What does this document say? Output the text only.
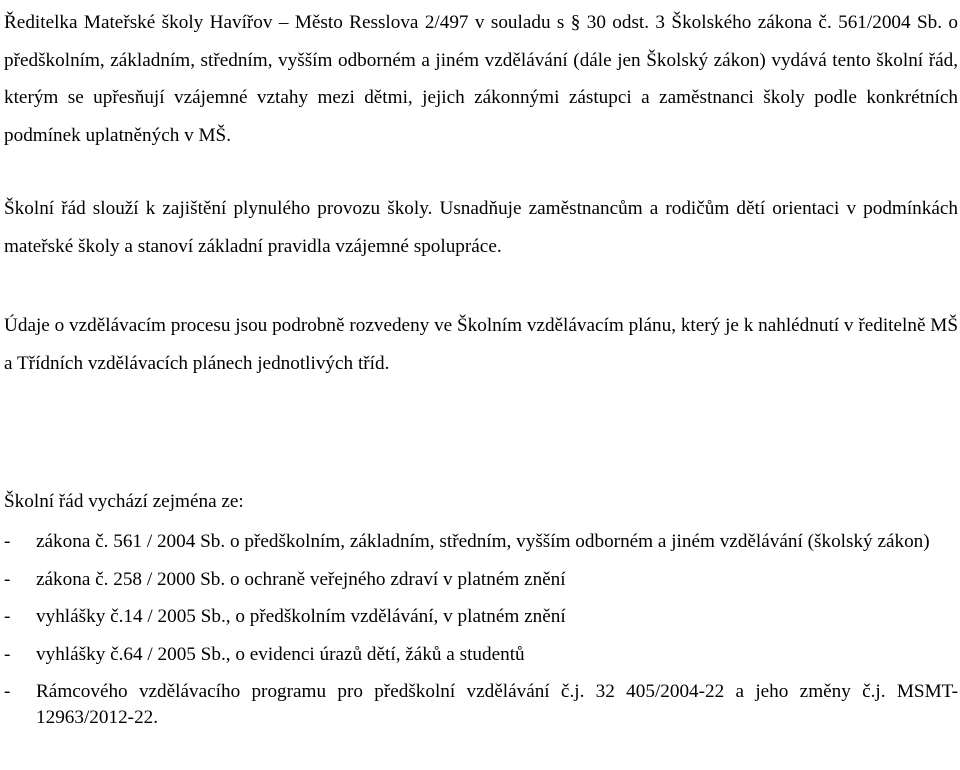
Ředitelka Mateřské školy Havířov – Město Resslova 2/497 v souladu s § 30 odst. 3 Školského zákona č. 561/2004 Sb. o předškolním, základním, středním, vyšším odborném a jiném vzdělávání (dále jen Školský zákon) vydává tento školní řád, kterým se upřesňují vzájemné vztahy mezi dětmi, jejich zákonnými zástupci a zaměstnanci školy podle konkrétních podmínek uplatněných v MŠ.

Školní řád slouží k zajištění plynulého provozu školy. Usnadňuje zaměstnancům a rodičům dětí orientaci v podmínkách mateřské školy a stanoví základní pravidla vzájemné spolupráce.

Údaje o vzdělávacím procesu jsou podrobně rozvedeny ve Školním vzdělávacím plánu, který je k nahlédnutí v ředitelně MŠ a Třídních vzdělávacích plánech jednotlivých tříd.

Školní řád vychází zejména ze:

- zákona č. 561 / 2004 Sb. o předškolním, základním, středním, vyšším odborném a jiném vzdělávání (školský zákon)
- zákona č. 258 / 2000 Sb. o ochraně veřejného zdraví v platném znění
- vyhlášky č.14 / 2005 Sb., o předškolním vzdělávání, v platném znění
- vyhlášky č.64 / 2005 Sb., o evidenci úrazů dětí, žáků a studentů
- Rámcového vzdělávacího programu pro předškolní vzdělávání č.j. 32 405/2004-22 a jeho změny č.j. MSMT-12963/2012-22.
